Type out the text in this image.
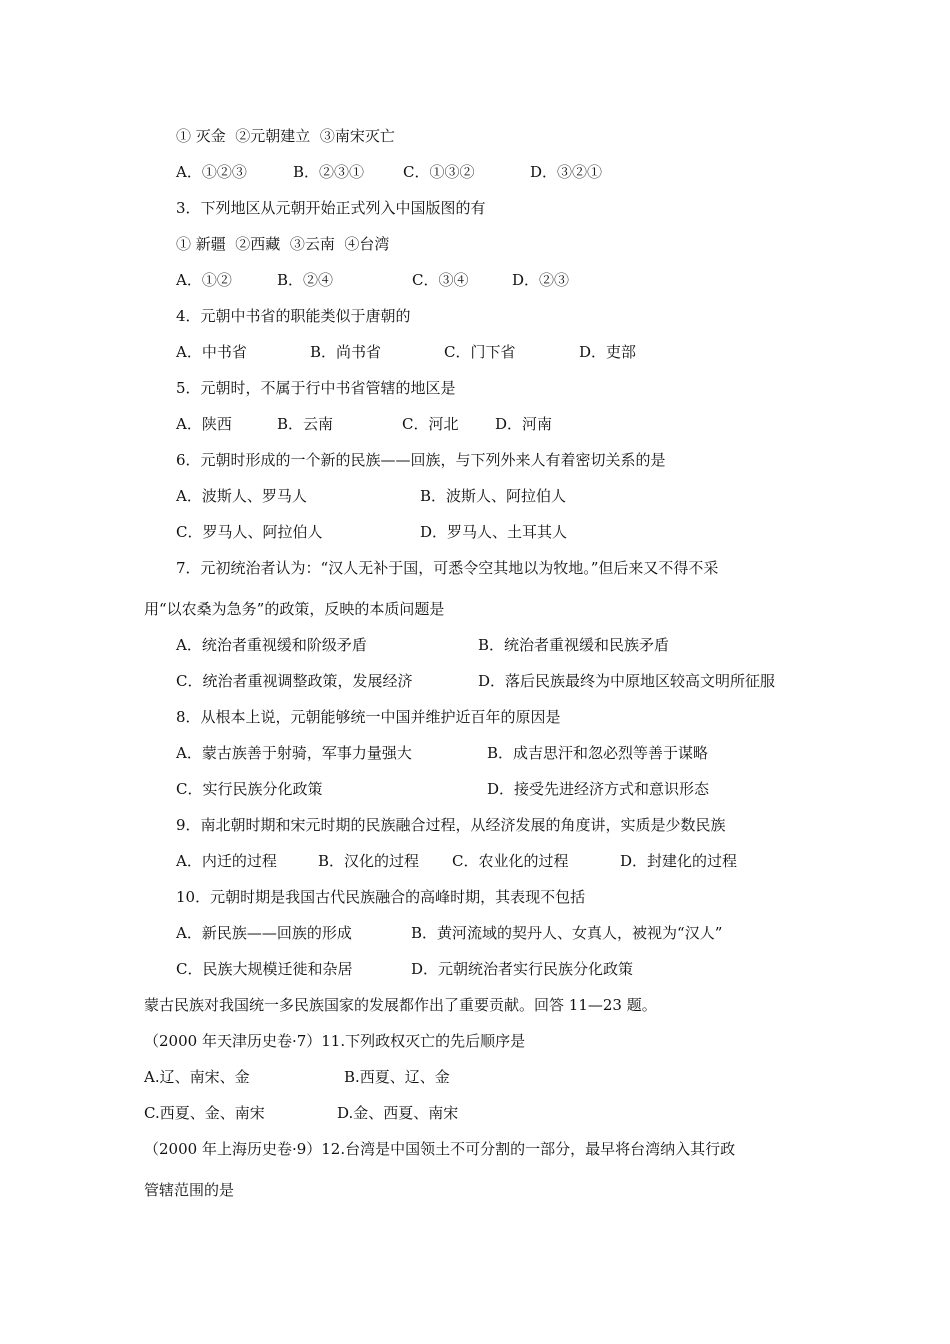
① 灭金  ②元朝建立  ③南宋灭亡
A．①②③	B．②③①	C．①③②	D．③②①
3．下列地区从元朝开始正式列入中国版图的有
① 新疆  ②西藏  ③云南  ④台湾
A．①②	B．②④	C．③④	D．②③
4．元朝中书省的职能类似于唐朝的
A．中书省	B．尚书省	C．门下省	D．吏部
5．元朝时，不属于行中书省管辖的地区是
A．陕西	B．云南	C．河北 D．河南
6．元朝时形成的一个新的民族——回族，与下列外来人有着密切关系的是
A．波斯人、罗马人	B．波斯人、阿拉伯人
C．罗马人、阿拉伯人	D．罗马人、土耳其人
7．元初统治者认为：“汉人无补于国，可悉令空其地以为牧地。”但后来又不得不采
用“以农桑为急务”的政策，反映的本质问题是
A．统治者重视缓和阶级矛盾	B．统治者重视缓和民族矛盾
C．统治者重视调整政策，发展经济	D．落后民族最终为中原地区较高文明所征服
8．从根本上说，元朝能够统一中国并维护近百年的原因是
A．蒙古族善于射骑，军事力量强大	B．成吉思汗和忽必烈等善于谋略
C．实行民族分化政策	D．接受先进经济方式和意识形态
9．南北朝时期和宋元时期的民族融合过程，从经济发展的角度讲，实质是少数民族
A．内迁的过程	B．汉化的过程 C．农业化的过程	D．封建化的过程
10．元朝时期是我国古代民族融合的高峰时期，其表现不包括
A．新民族——回族的形成	B．黄河流域的契丹人、女真人，被视为“汉人”
C．民族大规模迁徙和杂居	D．元朝统治者实行民族分化政策
蒙古民族对我国统一多民族国家的发展都作出了重要贡献。回答 11—23 题。
（2000 年天津历史卷·7）11.下列政权灭亡的先后顺序是
A.辽、南宋、金	B.西夏、辽、金
C.西夏、金、南宋	D.金、西夏、南宋
（2000 年上海历史卷·9）12.台湾是中国领土不可分割的一部分，最早将台湾纳入其行政
管辖范围的是
